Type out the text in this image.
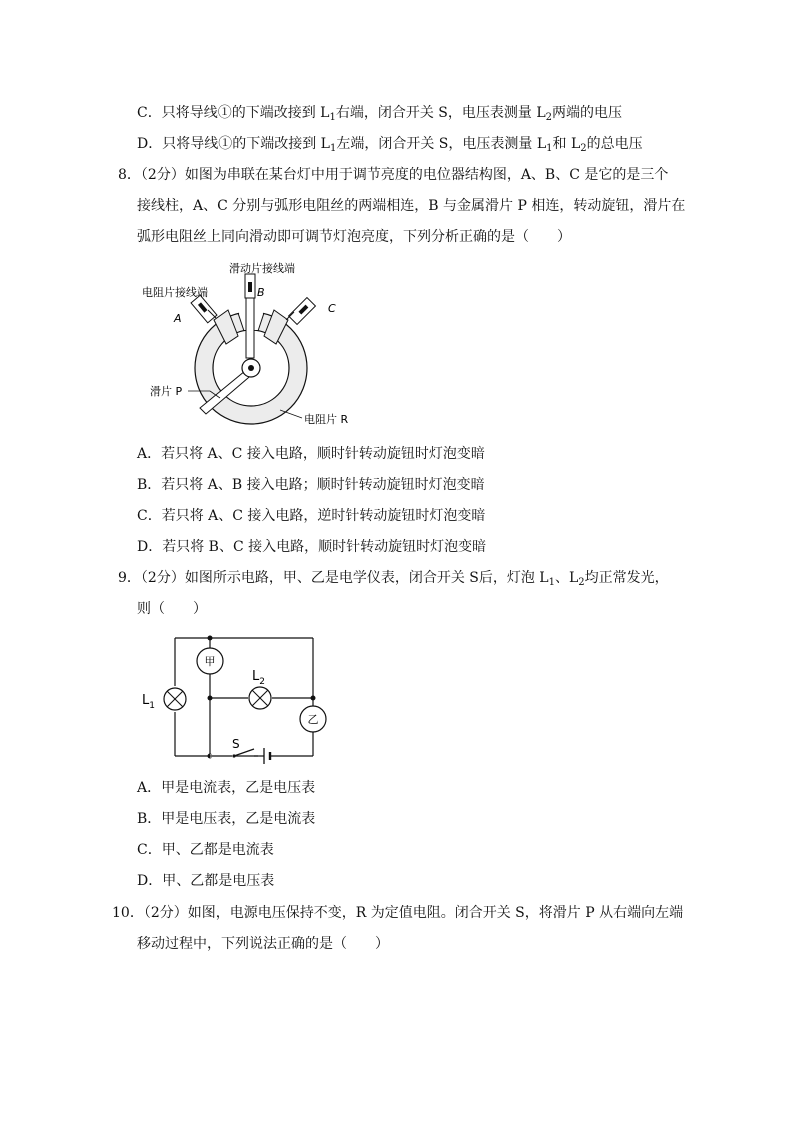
C．只将导线①的下端改接到 $L_1$右端，闭合开关 S，电压表测量 $L_2$两端的电压
D．只将导线①的下端改接到 $L_1$左端，闭合开关 S，电压表测量 $L_1$和 $L_2$的总电压
8．（2分）如图为串联在某台灯中用于调节亮度的电位器结构图，A、B、C 是它的是三个
接线柱，A、C 分别与弧形电阻丝的两端相连，B 与金属滑片 P 相连，转动旋钮，滑片在
弧形电阻丝上同向滑动即可调节灯泡亮度，下列分析正确的是（　　）
滑动片接线端
电阻片接线端
A
B
C
滑片 P
电阻片 R
A．若只将 A、C 接入电路，顺时针转动旋钮时灯泡变暗
B．若只将 A、B 接入电路；顺时针转动旋钮时灯泡变暗
C．若只将 A、C 接入电路，逆时针转动旋钮时灯泡变暗
D．若只将 B、C 接入电路，顺时针转动旋钮时灯泡变暗
9．（2分）如图所示电路，甲、乙是电学仪表，闭合开关 S后，灯泡 $L_1$、$L_2$均正常发光，
则（　　）
甲
乙
$L_1$
$L_2$
S
A．甲是电流表，乙是电压表
B．甲是电压表，乙是电流表
C．甲、乙都是电流表
D．甲、乙都是电压表
10．（2分）如图，电源电压保持不变，R 为定值电阻。闭合开关 S，将滑片 P 从右端向左端
移动过程中，下列说法正确的是（　　）
